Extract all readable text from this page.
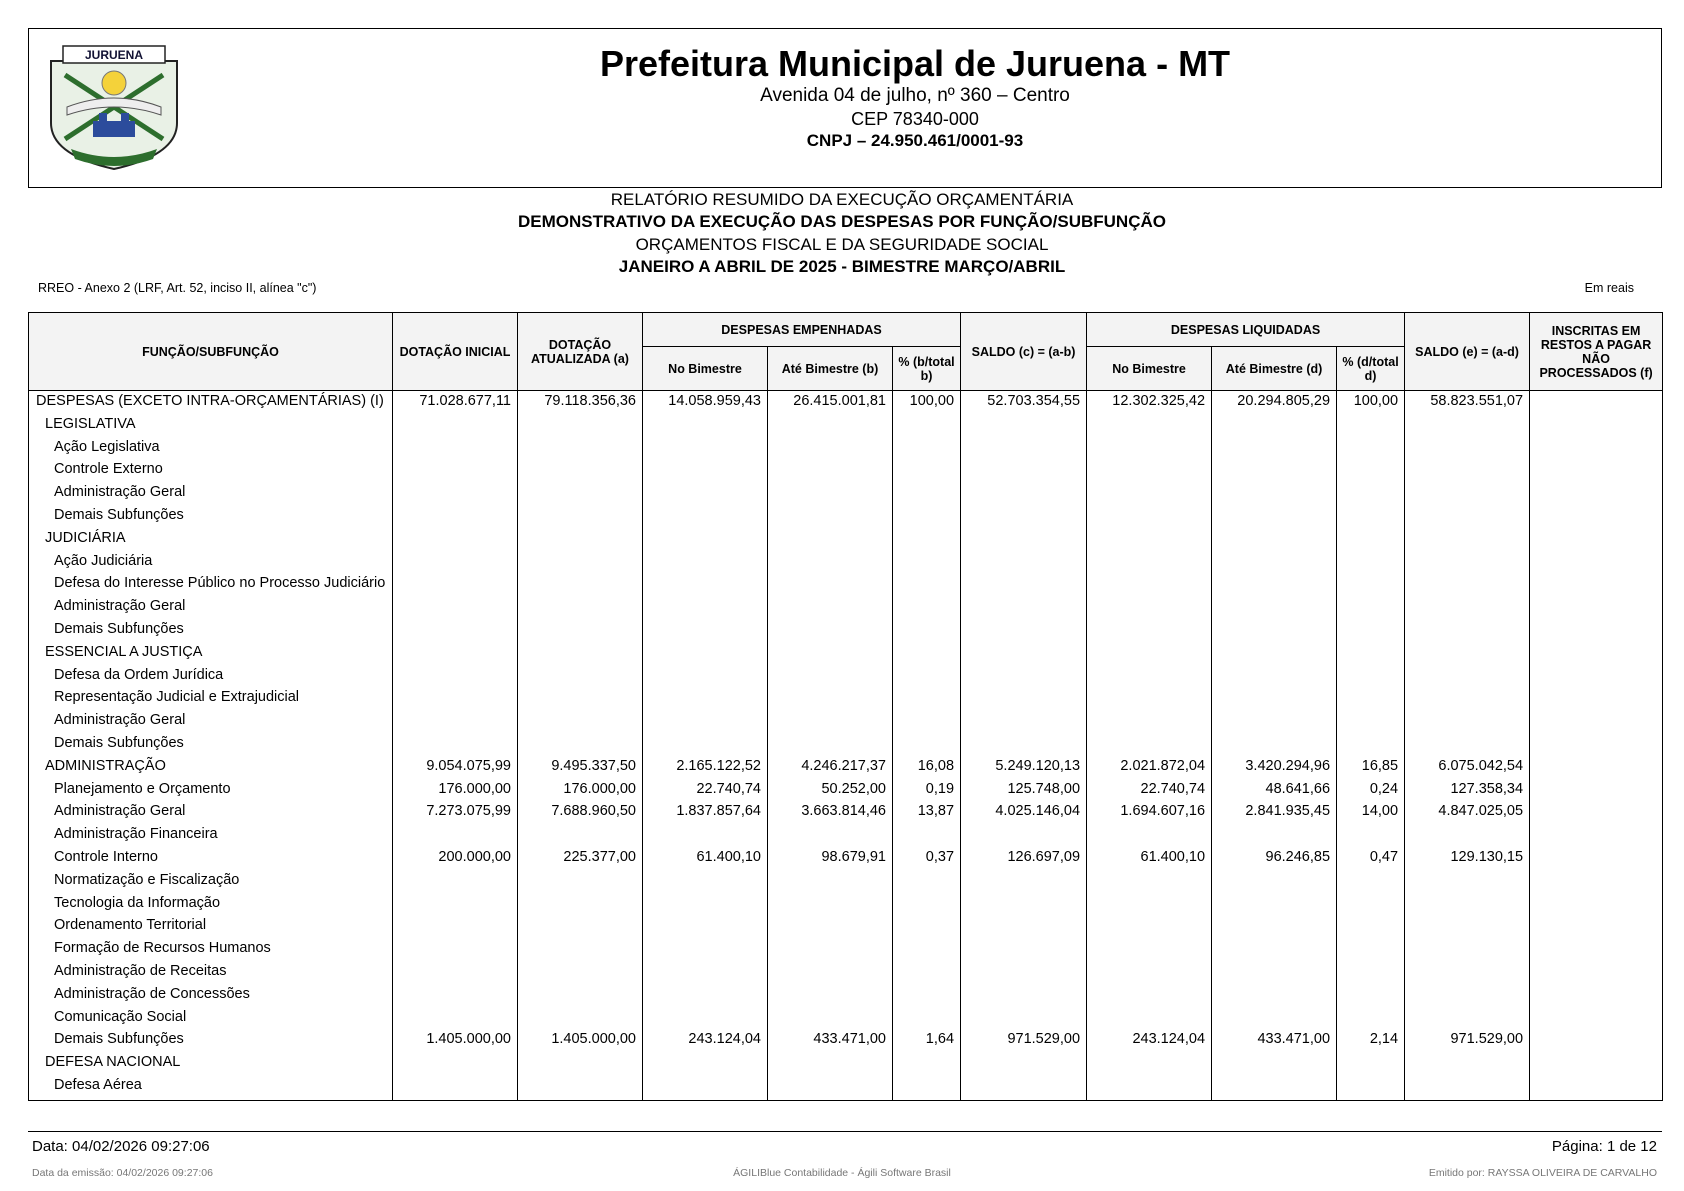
JURUENA	Prefeitura Municipal de Juruena - MT
Avenida 04 de julho, nº 360 – Centro
CEP 78340-000
CNPJ – 24.950.461/0001-93
RELATÓRIO RESUMIDO DA EXECUÇÃO ORÇAMENTÁRIA
DEMONSTRATIVO DA EXECUÇÃO DAS DESPESAS POR FUNÇÃO/SUBFUNÇÃO
ORÇAMENTOS FISCAL E DA SEGURIDADE SOCIAL
JANEIRO A ABRIL DE 2025 - BIMESTRE MARÇO/ABRIL
RREO - Anexo 2 (LRF, Art. 52, inciso II, alínea "c")	Em reais
FUNÇÃO/SUBFUNÇÃO	DOTAÇÃO INICIAL	DOTAÇÃO ATUALIZADA (a)	DESPESAS EMPENHADAS			SALDO (c) = (a-b)	DESPESAS LIQUIDADAS			SALDO (e) = (a-d)	INSCRITAS EM RESTOS A PAGAR NÃO PROCESSADOS (f)
			No Bimestre	Até Bimestre (b)	% (b/total b)		No Bimestre	Até Bimestre (d)	% (d/total d)		
DESPESAS (EXCETO INTRA-ORÇAMENTÁRIAS) (I)	71.028.677,11	79.118.356,36	14.058.959,43	26.415.001,81	100,00	52.703.354,55	12.302.325,42	20.294.805,29	100,00	58.823.551,07	
LEGISLATIVA											
Ação Legislativa											
Controle Externo											
Administração Geral											
Demais Subfunções											
JUDICIÁRIA											
Ação Judiciária											
Defesa do Interesse Público no Processo Judiciário											
Administração Geral											
Demais Subfunções											
ESSENCIAL A JUSTIÇA											
Defesa da Ordem Jurídica											
Representação Judicial e Extrajudicial											
Administração Geral											
Demais Subfunções											
ADMINISTRAÇÃO	9.054.075,99	9.495.337,50	2.165.122,52	4.246.217,37	16,08	5.249.120,13	2.021.872,04	3.420.294,96	16,85	6.075.042,54	
Planejamento e Orçamento	176.000,00	176.000,00	22.740,74	50.252,00	0,19	125.748,00	22.740,74	48.641,66	0,24	127.358,34	
Administração Geral	7.273.075,99	7.688.960,50	1.837.857,64	3.663.814,46	13,87	4.025.146,04	1.694.607,16	2.841.935,45	14,00	4.847.025,05	
Administração Financeira											
Controle Interno	200.000,00	225.377,00	61.400,10	98.679,91	0,37	126.697,09	61.400,10	96.246,85	0,47	129.130,15	
Normatização e Fiscalização											
Tecnologia da Informação											
Ordenamento Territorial											
Formação de Recursos Humanos											
Administração de Receitas											
Administração de Concessões											
Comunicação Social											
Demais Subfunções	1.405.000,00	1.405.000,00	243.124,04	433.471,00	1,64	971.529,00	243.124,04	433.471,00	2,14	971.529,00	
DEFESA NACIONAL											
Defesa Aérea											
Data: 04/02/2026 09:27:06	Página: 1 de 12
Data da emissão: 04/02/2026 09:27:06	ÁGILIBlue Contabilidade - Ágili Software Brasil	Emitido por: RAYSSA OLIVEIRA DE CARVALHO
